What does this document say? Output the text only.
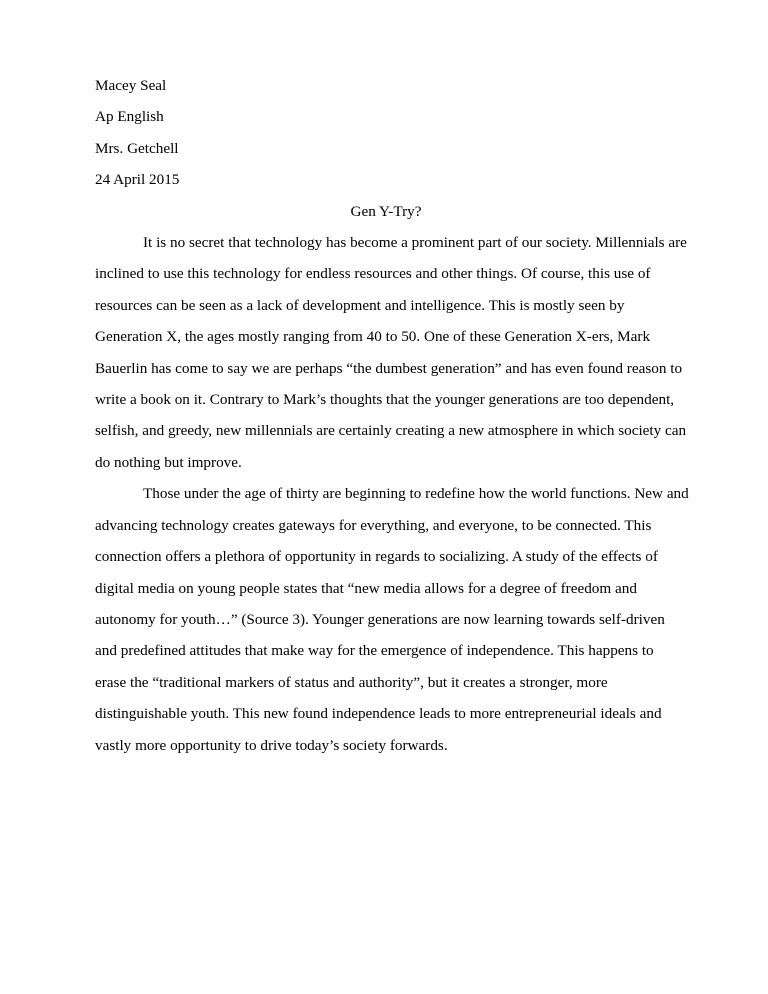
Macey Seal
Ap English
Mrs. Getchell
24 April 2015
Gen Y-Try?
It is no secret that technology has become a prominent part of our society. Millennials are
inclined to use this technology for endless resources and other things. Of course, this use of
resources can be seen as a lack of development and intelligence. This is mostly seen by
Generation X, the ages mostly ranging from 40 to 50. One of these Generation X-ers, Mark
Bauerlin has come to say we are perhaps “the dumbest generation” and has even found reason to
write a book on it. Contrary to Mark’s thoughts that the younger generations are too dependent,
selfish, and greedy, new millennials are certainly creating a new atmosphere in which society can
do nothing but improve.
Those under the age of thirty are beginning to redefine how the world functions. New and
advancing technology creates gateways for everything, and everyone, to be connected. This
connection offers a plethora of opportunity in regards to socializing. A study of the effects of
digital media on young people states that “new media allows for a degree of freedom and
autonomy for youth…” (Source 3). Younger generations are now learning towards self-driven
and predefined attitudes that make way for the emergence of independence. This happens to
erase the “traditional markers of status and authority”, but it creates a stronger, more
distinguishable youth. This new found independence leads to more entrepreneurial ideals and
vastly more opportunity to drive today’s society forwards.
